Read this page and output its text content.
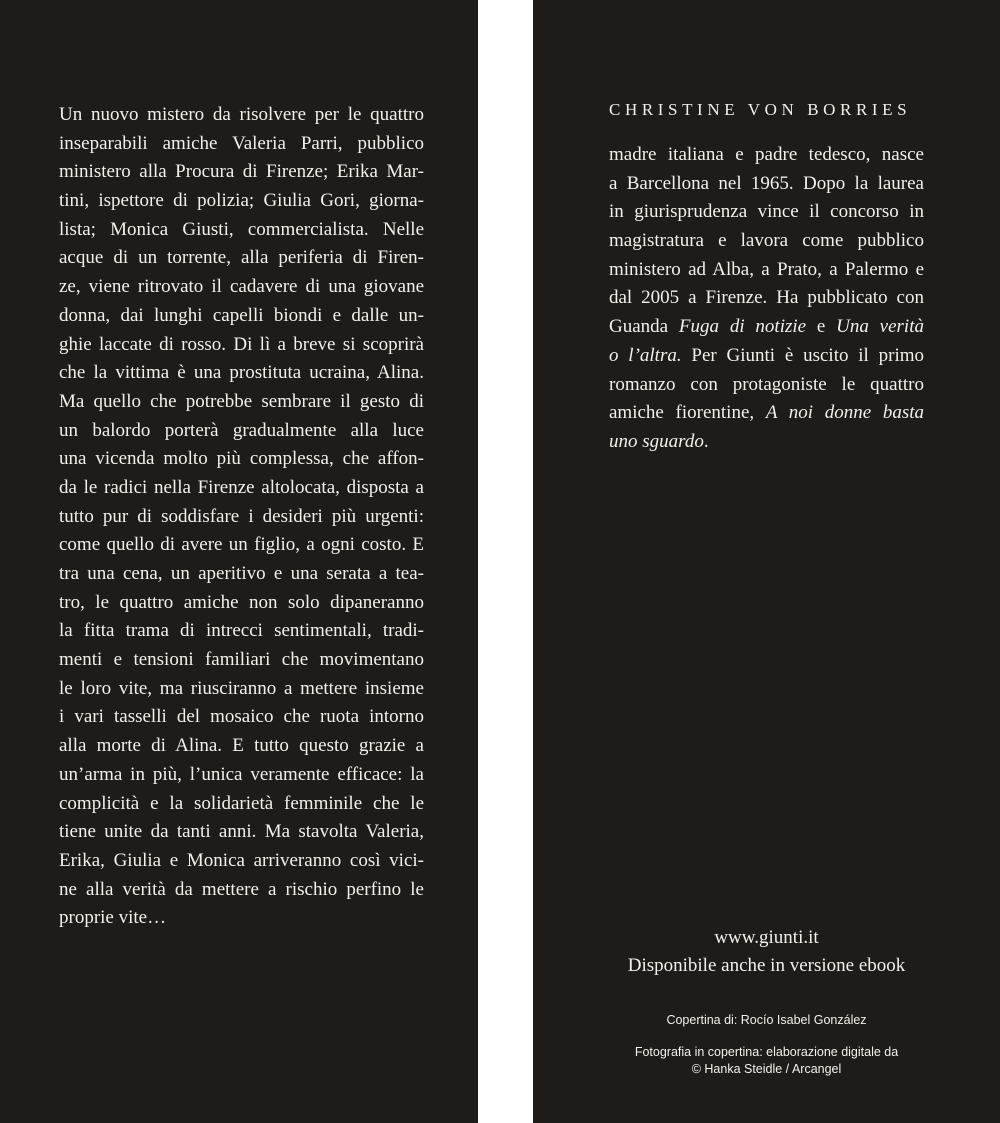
Un nuovo mistero da risolvere per le quattro
inseparabili amiche Valeria Parri, pubblico
ministero alla Procura di Firenze; Erika Mar-
tini, ispettore di polizia; Giulia Gori, giorna-
lista; Monica Giusti, commercialista. Nelle
acque di un torrente, alla periferia di Firen-
ze, viene ritrovato il cadavere di una giovane
donna, dai lunghi capelli biondi e dalle un-
ghie laccate di rosso. Di lì a breve si scoprirà
che la vittima è una prostituta ucraina, Alina.
Ma quello che potrebbe sembrare il gesto di
un balordo porterà gradualmente alla luce
una vicenda molto più complessa, che affon-
da le radici nella Firenze altolocata, disposta a
tutto pur di soddisfare i desideri più urgenti:
come quello di avere un figlio, a ogni costo. E
tra una cena, un aperitivo e una serata a tea-
tro, le quattro amiche non solo dipaneranno
la fitta trama di intrecci sentimentali, tradi-
menti e tensioni familiari che movimentano
le loro vite, ma riusciranno a mettere insieme
i vari tasselli del mosaico che ruota intorno
alla morte di Alina. E tutto questo grazie a
un’arma in più, l’unica veramente efficace: la
complicità e la solidarietà femminile che le
tiene unite da tanti anni. Ma stavolta Valeria,
Erika, Giulia e Monica arriveranno così vici-
ne alla verità da mettere a rischio perfino le
proprie vite…
CHRISTINE VON BORRIES
madre italiana e padre tedesco, nasce
a Barcellona nel 1965. Dopo la laurea
in giurisprudenza vince il concorso in
magistratura e lavora come pubblico
ministero ad Alba, a Prato, a Palermo e
dal 2005 a Firenze. Ha pubblicato con
Guanda Fuga di notizie e Una verità
o l’altra. Per Giunti è uscito il primo
romanzo con protagoniste le quattro
amiche fiorentine, A noi donne basta
uno sguardo.
www.giunti.it
Disponibile anche in versione ebook
Copertina di: Rocío Isabel González
Fotografia in copertina: elaborazione digitale da
© Hanka Steidle / Arcangel
